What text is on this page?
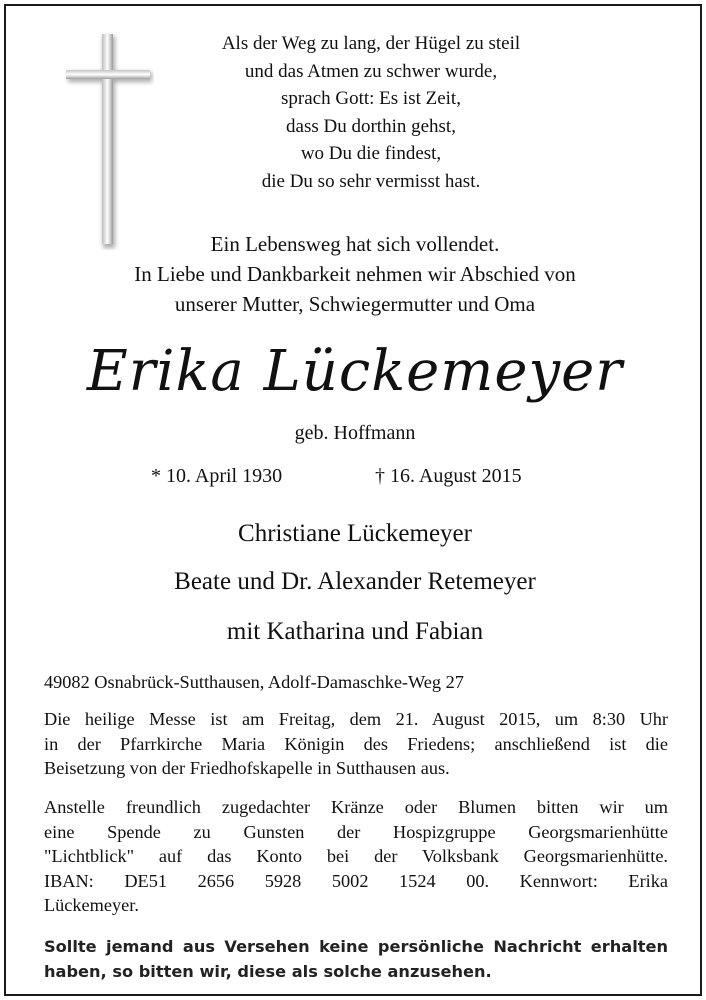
Als der Weg zu lang, der Hügel zu steil
und das Atmen zu schwer wurde,
sprach Gott: Es ist Zeit,
dass Du dorthin gehst,
wo Du die findest,
die Du so sehr vermisst hast.
Ein Lebensweg hat sich vollendet.
In Liebe und Dankbarkeit nehmen wir Abschied von
unserer Mutter, Schwiegermutter und Oma
Erika Lückemeyer
geb. Hoffmann
* 10. April 1930	† 16. August 2015
Christiane Lückemeyer
Beate und Dr. Alexander Retemeyer
mit Katharina und Fabian
49082 Osnabrück-Sutthausen, Adolf-Damaschke-Weg 27
Die heilige Messe ist am Freitag, dem 21. August 2015, um 8:30 Uhr
in der Pfarrkirche Maria Königin des Friedens; anschließend ist die
Beisetzung von der Friedhofskapelle in Sutthausen aus.
Anstelle freundlich zugedachter Kränze oder Blumen bitten wir um
eine Spende zu Gunsten der Hospizgruppe Georgsmarienhütte
"Lichtblick" auf das Konto bei der Volksbank Georgsmarienhütte.
IBAN: DE51 2656 5928 5002 1524 00. Kennwort: Erika
Lückemeyer.
Sollte jemand aus Versehen keine persönliche Nachricht erhalten
haben, so bitten wir, diese als solche anzusehen.
